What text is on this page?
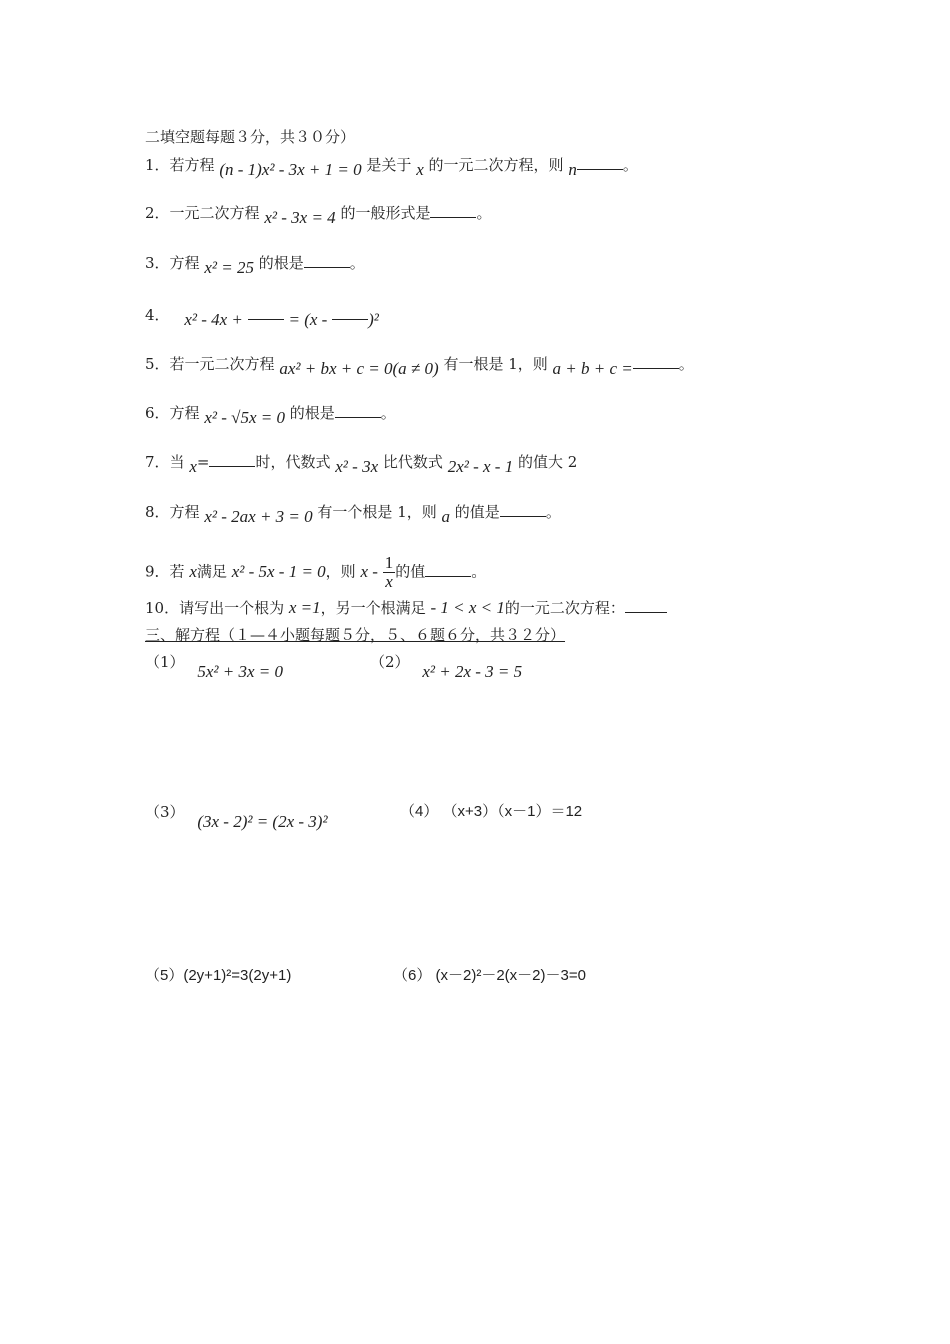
二填空题每题３分，共３０分）
1．若方程 (n - 1)x² - 3x + 1 = 0 是关于 x 的一元二次方程，则 n	。
2．一元二次方程 x² - 3x = 4 的一般形式是	。
3．方程 x² = 25 的根是	。
4． x² - 4x +	= (x - )²
5．若一元二次方程 ax² + bx + c = 0(a ≠ 0) 有一根是 1，则 a + b + c =	。
6．方程 x² - √5x = 0 的根是	。
7．当 x=	时，代数式 x² - 3x 比代数式 2x² - x - 1 的值大 2
8．方程 x² - 2ax + 3 = 0 有一个根是 1，则 a 的值是	。
9．若 x满足 x² - 5x - 1 = 0，则 x - $\frac{1}{x}$ 的值	。
10．请写出一个根为 x =1，另一个根满足 - 1 < x < 1的一元二次方程：
三、解方程（１—４小题每题５分，５、６题６分，共３２分）
（1） 5x² + 3x = 0	（2） x² + 2x - 3 = 5
（3） (3x - 2)² = (2x - 3)²
（4） （x+3）（x－1）＝12
（5）(2y+1)²=3(2y+1)	（6） (x－2)²－2(x－2)－3=0
